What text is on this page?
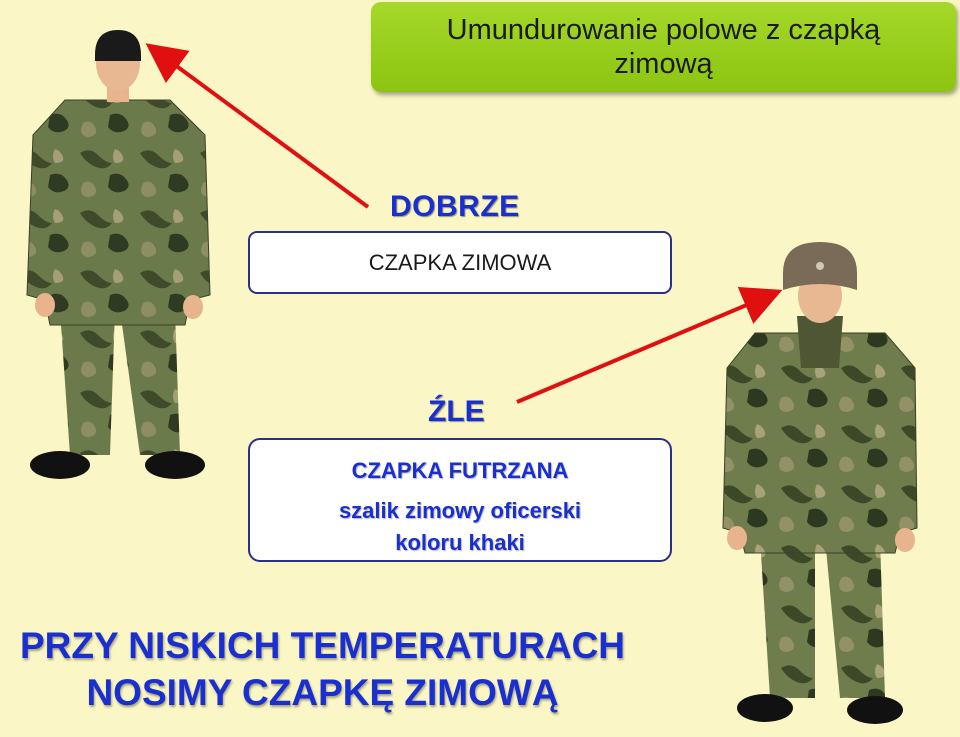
Umundurowanie polowe z czapką zimową
DOBRZE
CZAPKA ZIMOWA
ŹLE
CZAPKA FUTRZANA
szalik zimowy oficerski
koloru khaki
PRZY NISKICH TEMPERATURACH
NOSIMY CZAPKĘ ZIMOWĄ
